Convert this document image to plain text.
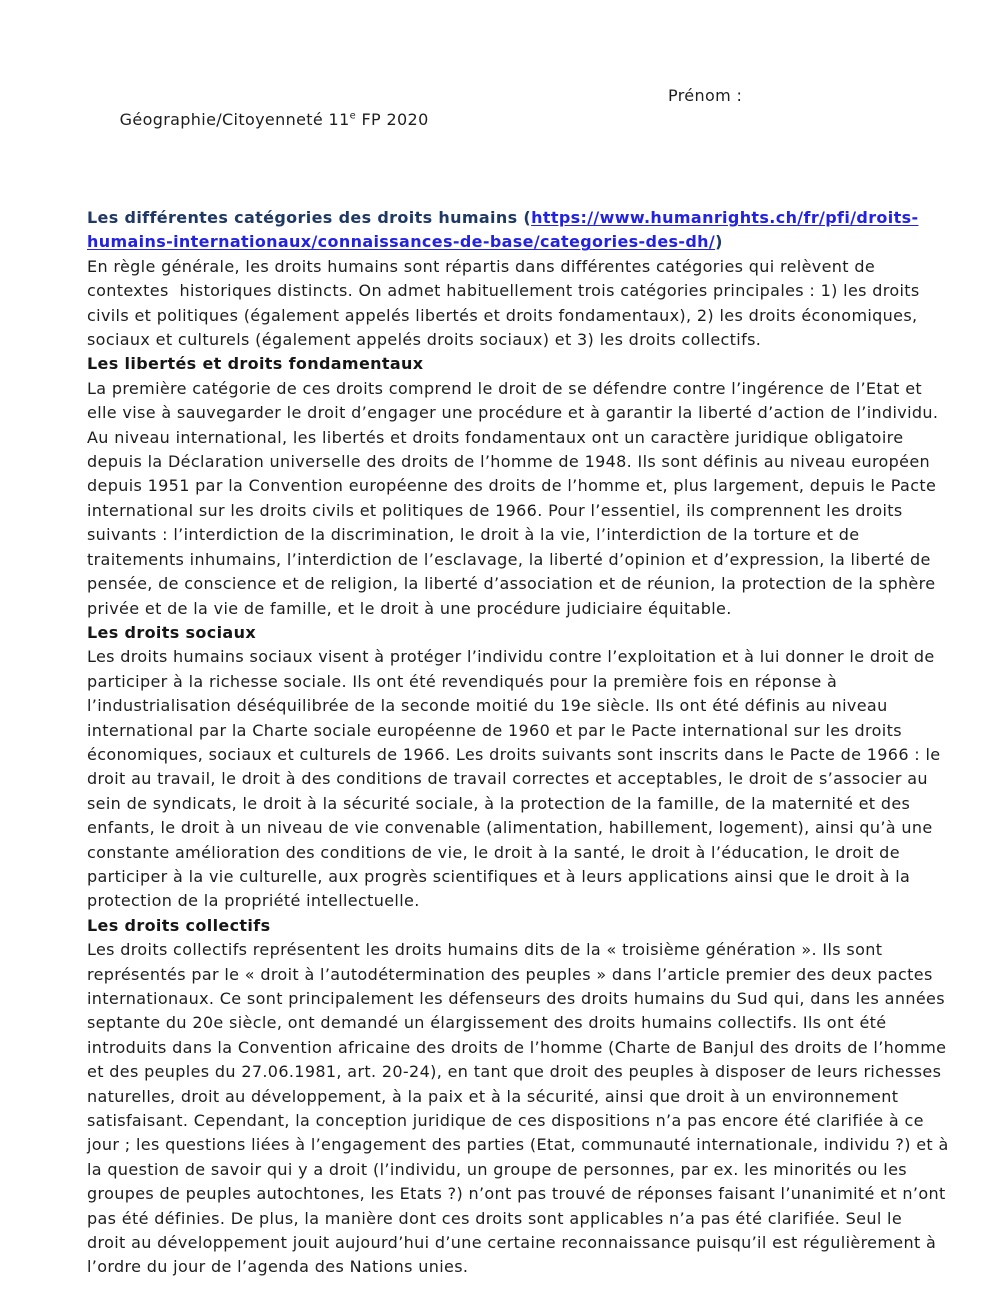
Géographie/Citoyenneté 11e FP 2020

Prénom :

Les différentes catégories des droits humains (https://www.humanrights.ch/fr/pfi/droits-
humains-internationaux/connaissances-de-base/categories-des-dh/)
En règle générale, les droits humains sont répartis dans différentes catégories qui relèvent de
contextes  historiques distincts. On admet habituellement trois catégories principales : 1) les droits
civils et politiques (également appelés libertés et droits fondamentaux), 2) les droits économiques,
sociaux et culturels (également appelés droits sociaux) et 3) les droits collectifs.
Les libertés et droits fondamentaux
La première catégorie de ces droits comprend le droit de se défendre contre l’ingérence de l’Etat et
elle vise à sauvegarder le droit d’engager une procédure et à garantir la liberté d’action de l’individu.
Au niveau international, les libertés et droits fondamentaux ont un caractère juridique obligatoire
depuis la Déclaration universelle des droits de l’homme de 1948. Ils sont définis au niveau européen
depuis 1951 par la Convention européenne des droits de l’homme et, plus largement, depuis le Pacte
international sur les droits civils et politiques de 1966. Pour l’essentiel, ils comprennent les droits
suivants : l’interdiction de la discrimination, le droit à la vie, l’interdiction de la torture et de
traitements inhumains, l’interdiction de l’esclavage, la liberté d’opinion et d’expression, la liberté de
pensée, de conscience et de religion, la liberté d’association et de réunion, la protection de la sphère
privée et de la vie de famille, et le droit à une procédure judiciaire équitable.
Les droits sociaux
Les droits humains sociaux visent à protéger l’individu contre l’exploitation et à lui donner le droit de
participer à la richesse sociale. Ils ont été revendiqués pour la première fois en réponse à
l’industrialisation déséquilibrée de la seconde moitié du 19e siècle. Ils ont été définis au niveau
international par la Charte sociale européenne de 1960 et par le Pacte international sur les droits
économiques, sociaux et culturels de 1966. Les droits suivants sont inscrits dans le Pacte de 1966 : le
droit au travail, le droit à des conditions de travail correctes et acceptables, le droit de s’associer au
sein de syndicats, le droit à la sécurité sociale, à la protection de la famille, de la maternité et des
enfants, le droit à un niveau de vie convenable (alimentation, habillement, logement), ainsi qu’à une
constante amélioration des conditions de vie, le droit à la santé, le droit à l’éducation, le droit de
participer à la vie culturelle, aux progrès scientifiques et à leurs applications ainsi que le droit à la
protection de la propriété intellectuelle.
Les droits collectifs
Les droits collectifs représentent les droits humains dits de la « troisième génération ». Ils sont
représentés par le « droit à l’autodétermination des peuples » dans l’article premier des deux pactes
internationaux. Ce sont principalement les défenseurs des droits humains du Sud qui, dans les années
septante du 20e siècle, ont demandé un élargissement des droits humains collectifs. Ils ont été
introduits dans la Convention africaine des droits de l’homme (Charte de Banjul des droits de l’homme
et des peuples du 27.06.1981, art. 20-24), en tant que droit des peuples à disposer de leurs richesses
naturelles, droit au développement, à la paix et à la sécurité, ainsi que droit à un environnement
satisfaisant. Cependant, la conception juridique de ces dispositions n’a pas encore été clarifiée à ce
jour ; les questions liées à l’engagement des parties (Etat, communauté internationale, individu ?) et à
la question de savoir qui y a droit (l’individu, un groupe de personnes, par ex. les minorités ou les
groupes de peuples autochtones, les Etats ?) n’ont pas trouvé de réponses faisant l’unanimité et n’ont
pas été définies. De plus, la manière dont ces droits sont applicables n’a pas été clarifiée. Seul le
droit au développement jouit aujourd’hui d’une certaine reconnaissance puisqu’il est régulièrement à
l’ordre du jour de l’agenda des Nations unies.
